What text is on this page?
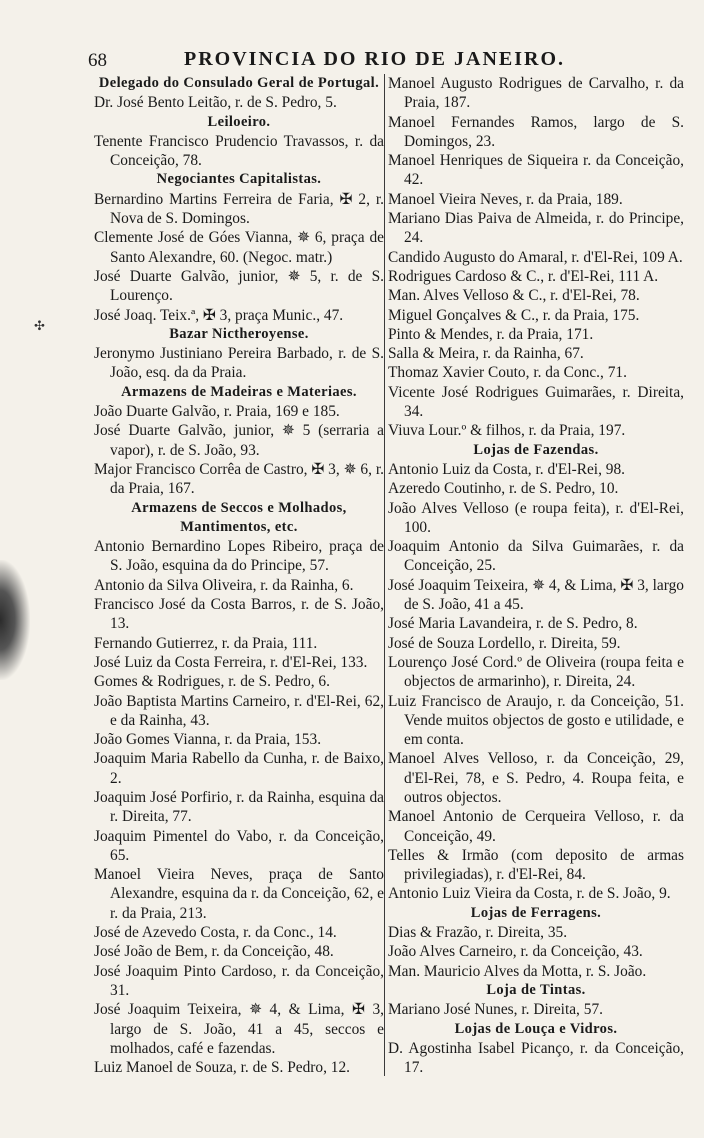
68	PROVINCIA DO RIO DE JANEIRO.
✣

Delegado do Consulado Geral de Portugal.

Dr. José Bento Leitão, r. de S. Pedro, 5.

Leiloeiro.

Tenente Francisco Prudencio Travassos, r. da Conceição, 78.

Negociantes Capitalistas.

Bernardino Martins Ferreira de Faria, ✠ 2, r. Nova de S. Domingos.

Clemente José de Góes Vianna, ✵ 6, praça de Santo Alexandre, 60. (Negoc. matr.)

José Duarte Galvão, junior, ✵ 5, r. de S. Lourenço.

José Joaq. Teix.ª, ✠ 3, praça Munic., 47.

Bazar Nictheroyense.

Jeronymo Justiniano Pereira Barbado, r. de S. João, esq. da da Praia.

Armazens de Madeiras e Materiaes.

João Duarte Galvão, r. Praia, 169 e 185.

José Duarte Galvão, junior, ✵ 5 (serraria a vapor), r. de S. João, 93.

Major Francisco Corrêa de Castro, ✠ 3, ✵ 6, r. da Praia, 167.

Armazens de Seccos e Molhados, Mantimentos, etc.

Antonio Bernardino Lopes Ribeiro, praça de S. João, esquina da do Principe, 57.

Antonio da Silva Oliveira, r. da Rainha, 6.

Francisco José da Costa Barros, r. de S. João, 13.

Fernando Gutierrez, r. da Praia, 111.

José Luiz da Costa Ferreira, r. d'El-Rei, 133.

Gomes & Rodrigues, r. de S. Pedro, 6.

João Baptista Martins Carneiro, r. d'El-Rei, 62, e da Rainha, 43.

João Gomes Vianna, r. da Praia, 153.

Joaquim Maria Rabello da Cunha, r. de Baixo, 2.

Joaquim José Porfirio, r. da Rainha, esquina da r. Direita, 77.

Joaquim Pimentel do Vabo, r. da Conceição, 65.

Manoel Vieira Neves, praça de Santo Alexandre, esquina da r. da Conceição, 62, e r. da Praia, 213.

José de Azevedo Costa, r. da Conc., 14.

José João de Bem, r. da Conceição, 48.

José Joaquim Pinto Cardoso, r. da Conceição, 31.

José Joaquim Teixeira, ✵ 4, & Lima, ✠ 3, largo de S. João, 41 a 45, seccos e molhados, café e fazendas.

Luiz Manoel de Souza, r. de S. Pedro, 12.

Manoel Augusto Rodrigues de Carvalho, r. da Praia, 187.

Manoel Fernandes Ramos, largo de S. Domingos, 23.

Manoel Henriques de Siqueira r. da Conceição, 42.

Manoel Vieira Neves, r. da Praia, 189.

Mariano Dias Paiva de Almeida, r. do Principe, 24.

Candido Augusto do Amaral, r. d'El-Rei, 109 A.

Rodrigues Cardoso & C., r. d'El-Rei, 111 A.

Man. Alves Velloso & C., r. d'El-Rei, 78.

Miguel Gonçalves & C., r. da Praia, 175.

Pinto & Mendes, r. da Praia, 171.

Salla & Meira, r. da Rainha, 67.

Thomaz Xavier Couto, r. da Conc., 71.

Vicente José Rodrigues Guimarães, r. Direita, 34.

Viuva Lour.º & filhos, r. da Praia, 197.

Lojas de Fazendas.

Antonio Luiz da Costa, r. d'El-Rei, 98.

Azeredo Coutinho, r. de S. Pedro, 10.

João Alves Velloso (e roupa feita), r. d'El-Rei, 100.

Joaquim Antonio da Silva Guimarães, r. da Conceição, 25.

José Joaquim Teixeira, ✵ 4, & Lima, ✠ 3, largo de S. João, 41 a 45.

José Maria Lavandeira, r. de S. Pedro, 8.

José de Souza Lordello, r. Direita, 59.

Lourenço José Cord.º de Oliveira (roupa feita e objectos de armarinho), r. Direita, 24.

Luiz Francisco de Araujo, r. da Conceição, 51. Vende muitos objectos de gosto e utilidade, e em conta.

Manoel Alves Velloso, r. da Conceição, 29, d'El-Rei, 78, e S. Pedro, 4. Roupa feita, e outros objectos.

Manoel Antonio de Cerqueira Velloso, r. da Conceição, 49.

Telles & Irmão (com deposito de armas privilegiadas), r. d'El-Rei, 84.

Antonio Luiz Vieira da Costa, r. de S. João, 9.

Lojas de Ferragens.

Dias & Frazão, r. Direita, 35.

João Alves Carneiro, r. da Conceição, 43.

Man. Mauricio Alves da Motta, r. S. João.

Loja de Tintas.

Mariano José Nunes, r. Direita, 57.

Lojas de Louça e Vidros.

D. Agostinha Isabel Picanço, r. da Conceição, 17.
